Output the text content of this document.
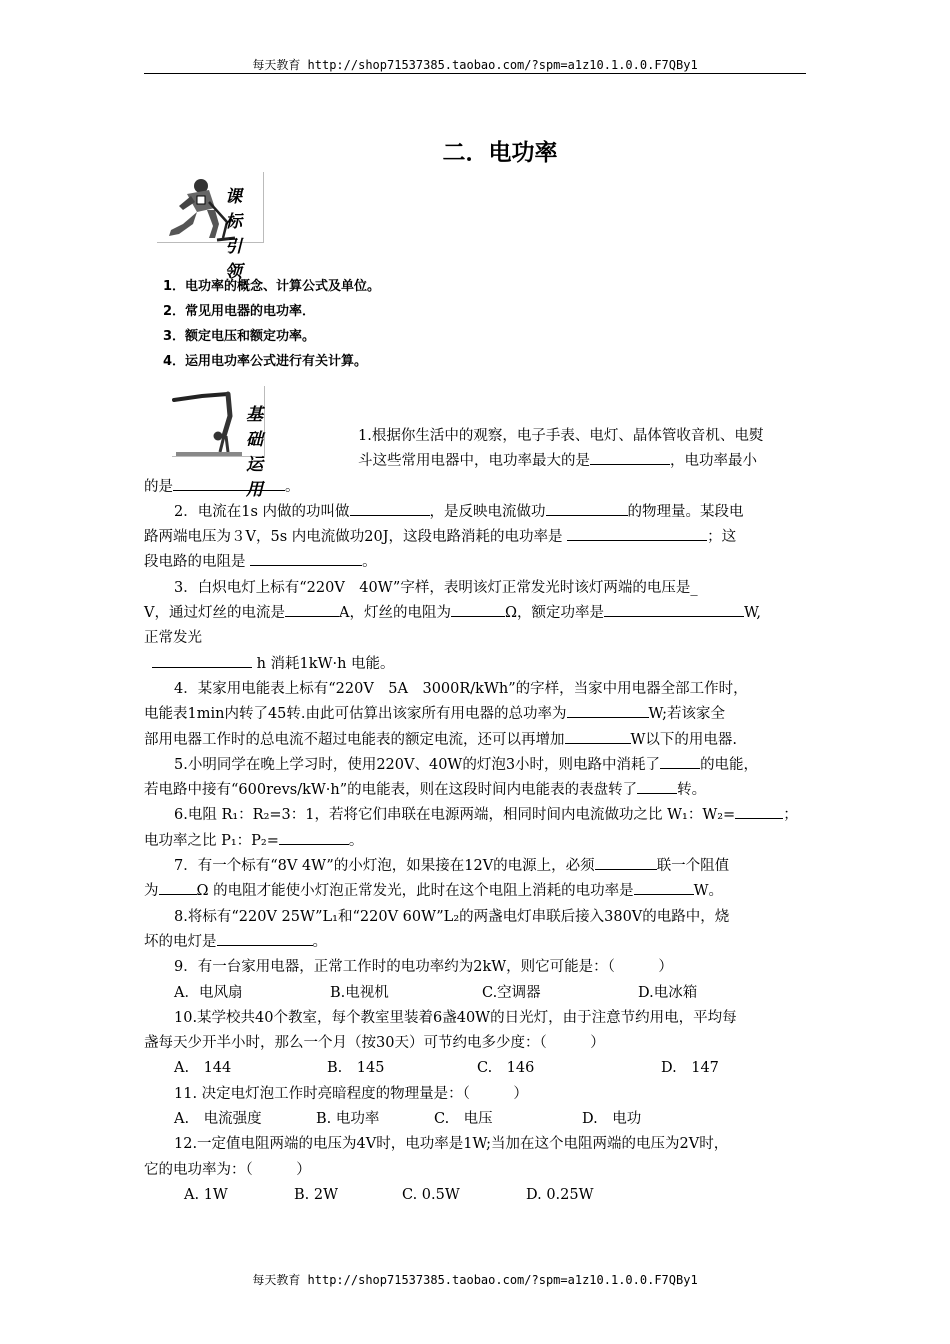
每天教育 http://shop71537385.taobao.com/?spm=a1z10.1.0.0.F7QBy1
二．电功率
课标引领
1．电功率的概念、计算公式及单位。
2．常见用电器的电功率．
3．额定电压和额定功率。
4．运用电功率公式进行有关计算。
基础运用

1.根据你生活中的观察，电子手表、电灯、晶体管收音机、电熨

斗这些常用电器中，电功率最大的是	，电功率最小

的是	。

2．电流在1s 内做的功叫做	，是反映电流做功	的物理量。某段电

路两端电压为３V，5s 内电流做功20J，这段电路消耗的电功率是	；这

段电路的电阻是	。

3．白炽电灯上标有“220V　40W”字样，表明该灯正常发光时该灯两端的电压是_

V，通过灯丝的电流是	A，灯丝的电阻为	Ω，额定功率是	W,

正常发光

h 消耗1kW·h 电能。

4．某家用电能表上标有“220V　5A　3000R/kWh”的字样，当家中用电器全部工作时，

电能表1min内转了45转.由此可估算出该家所有用电器的总功率为	W;若该家全

部用电器工作时的总电流不超过电能表的额定电流，还可以再增加	W以下的用电器.

5.小明同学在晚上学习时，使用220V、40W的灯泡3小时，则电路中消耗了	的电能，

若电路中接有“600revs/kW·h”的电能表，则在这段时间内电能表的表盘转了	转。

6.电阻 R₁：R₂=3：1，若将它们串联在电源两端，相同时间内电流做功之比 W₁：W₂=	；

电功率之比 P₁：P₂=	。

7．有一个标有“8V 4W”的小灯泡，如果接在12V的电源上，必须	联一个阻值

为	Ω 的电阻才能使小灯泡正常发光，此时在这个电阻上消耗的电功率是	W。

8.将标有“220V 25W”L₁和“220V 60W”L₂的两盏电灯串联后接入380V的电路中，烧

坏的电灯是	。

9．有一台家用电器，正常工作时的电功率约为2kW，则它可能是：（　　　）

A．电风扇	B.电视机	C.空调器	D.电冰箱

10.某学校共40个教室，每个教室里装着6盏40W的日光灯，由于注意节约用电，平均每

盏每天少开半小时，那么一个月（按30天）可节约电多少度：（　　　）

A.　144	B.　145	C.　146	D.　147

11. 决定电灯泡工作时亮暗程度的物理量是：（　　　）

A.　电流强度	B. 电功率	C.　电压	D.　电功

12.一定值电阻两端的电压为4V时，电功率是1W;当加在这个电阻两端的电压为2V时，

它的电功率为：（　　　）

A. 1W	B. 2W	C. 0.5W	D. 0.25W

每天教育 http://shop71537385.taobao.com/?spm=a1z10.1.0.0.F7QBy1
